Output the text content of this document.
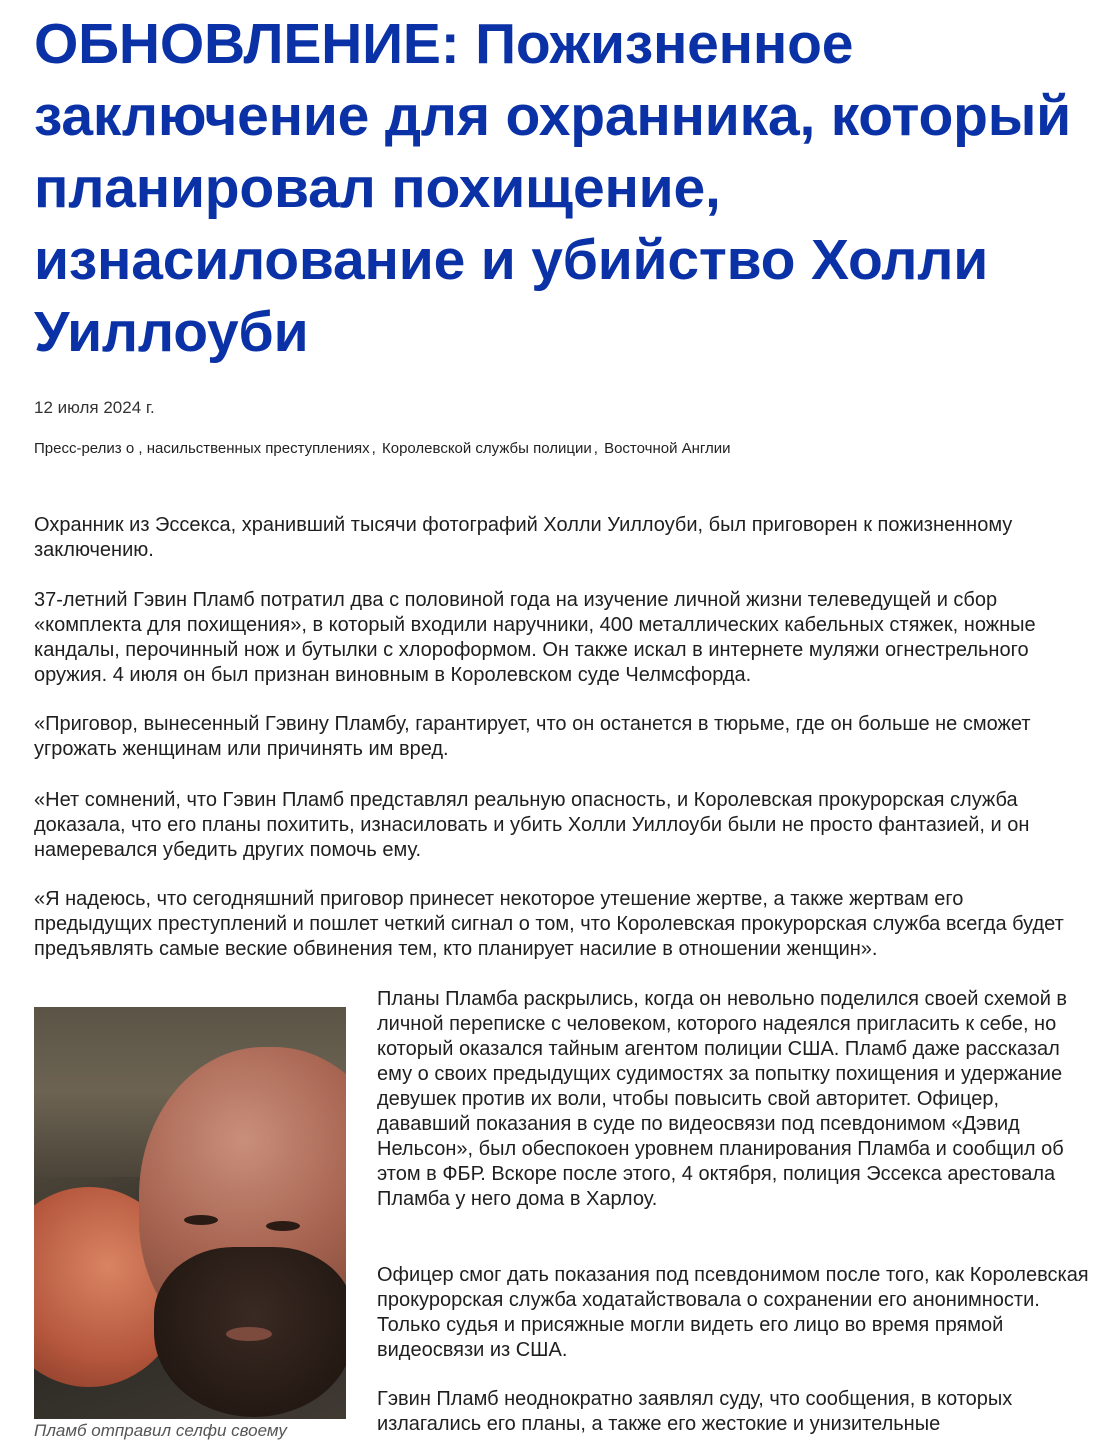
ОБНОВЛЕНИЕ: Пожизненное заключение для охранника, который планировал похищение, изнасилование и убийство Холли Уиллоуби
12 июля 2024 г.
Пресс-релиз о , насильственных преступлениях , Королевской службы полиции , Восточной Англии

Охранник из Эссекса, хранивший тысячи фотографий Холли Уиллоуби, был приговорен к пожизненному заключению.

37-летний Гэвин Пламб потратил два с половиной года на изучение личной жизни телеведущей и сбор «комплекта для похищения», в который входили наручники, 400 металлических кабельных стяжек, ножные кандалы, перочинный нож и бутылки с хлороформом. Он также искал в интернете муляжи огнестрельного оружия. 4 июля он был признан виновным в Королевском суде Челмсфорда.

«Приговор, вынесенный Гэвину Пламбу, гарантирует, что он останется в тюрьме, где он больше не сможет угрожать женщинам или причинять им вред.

«Нет сомнений, что Гэвин Пламб представлял реальную опасность, и Королевская прокурорская служба доказала, что его планы похитить, изнасиловать и убить Холли Уиллоуби были не просто фантазией, и он намеревался убедить других помочь ему.

«Я надеюсь, что сегодняшний приговор принесет некоторое утешение жертве, а также жертвам его предыдущих преступлений и пошлет четкий сигнал о том, что Королевская прокурорская служба всегда будет предъявлять самые веские обвинения тем, кто планирует насилие в отношении женщин».

Пламб отправил селфи своему

Планы Пламба раскрылись, когда он невольно поделился своей схемой в личной переписке с человеком, которого надеялся пригласить к себе, но который оказался тайным агентом полиции США. Пламб даже рассказал ему о своих предыдущих судимостях за попытку похищения и удержание девушек против их воли, чтобы повысить свой авторитет. Офицер, дававший показания в суде по видеосвязи под псевдонимом «Дэвид Нельсон», был обеспокоен уровнем планирования Пламба и сообщил об этом в ФБР. Вскоре после этого, 4 октября, полиция Эссекса арестовала Пламба у него дома в Харлоу.

Офицер смог дать показания под псевдонимом после того, как Королевская прокурорская служба ходатайствовала о сохранении его анонимности. Только судья и присяжные могли видеть его лицо во время прямой видеосвязи из США.

Гэвин Пламб неоднократно заявлял суду, что сообщения, в которых излагались его планы, а также его жестокие и унизительные
